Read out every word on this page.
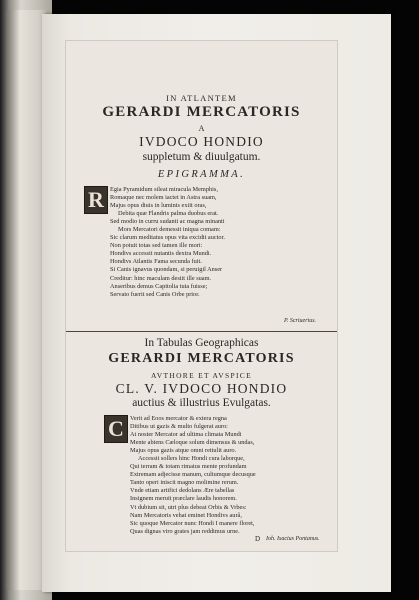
IN ATLANTEM
GERARDI MERCATORIS
A
IVDOCO HONDIO
suppletum & diuulgatum.
EPIGRAMMA.
R Egia Pyramidum sileat miracula Memphis,
Romaque nec molem iactet in Astra suam,
Majus opus diuis in luminis exiit oras,
Debita quæ Flandris palma duobus erat.
Sed modio in curru sudanti ac magna minanti
Mors Mercatori demessit iniqua comam:
Sic clarum meditatus opus vita excidit auctor.
Non potuit totas sed tamen ille mori:
Hondivs accessit nutantis dextra Mundi.
Hondivs Atlantis Fama secunda fuit.
Si Canis ignavus quondam, si peruigil Anser
Creditur: hinc maculam desiit ille suam.
Anseribus demus Capitolia tuta fuisse;
Servato fuerit sed Canis Orbe prior.
P. Scriuerius.
In Tabulas Geographicas
GERARDI MERCATORIS
AVTHORE ET AVSPICE
CL. V. IVDOCO HONDIO
auctius & illustrius Evulgatas.
C Verit ad Eoos mercator & extera regna
Ditibus ut gazis & multo fulgerat auro:
At noster Mercator ad ultima climata Mundi
Mente abiens Cæloque solum dimensus & undas,
Majus opus gazis atque omni rettulit auro.
Accessit sollers hinc Hondi cura laborque,
Qui terram & totam rimatus mente profundam
Extremam adjecisse manum, cultumque decusque
Tanto operi iniscit magno molimine rerum.
Vnde etiam artifici dedolans Ære tabellas
Insignem meruit præclare laudis honorem.
Vt dubium sit, utri plus debeat Orbis & Vrbes:
Nam Mercatoris vehat eminet Hondivs aurâ,
Sic quoque Mercator nunc Hondi I manere floret,
Quas dignas viro grates jam reddimus urne.
Ioh. Isacius Pontanus.
D
